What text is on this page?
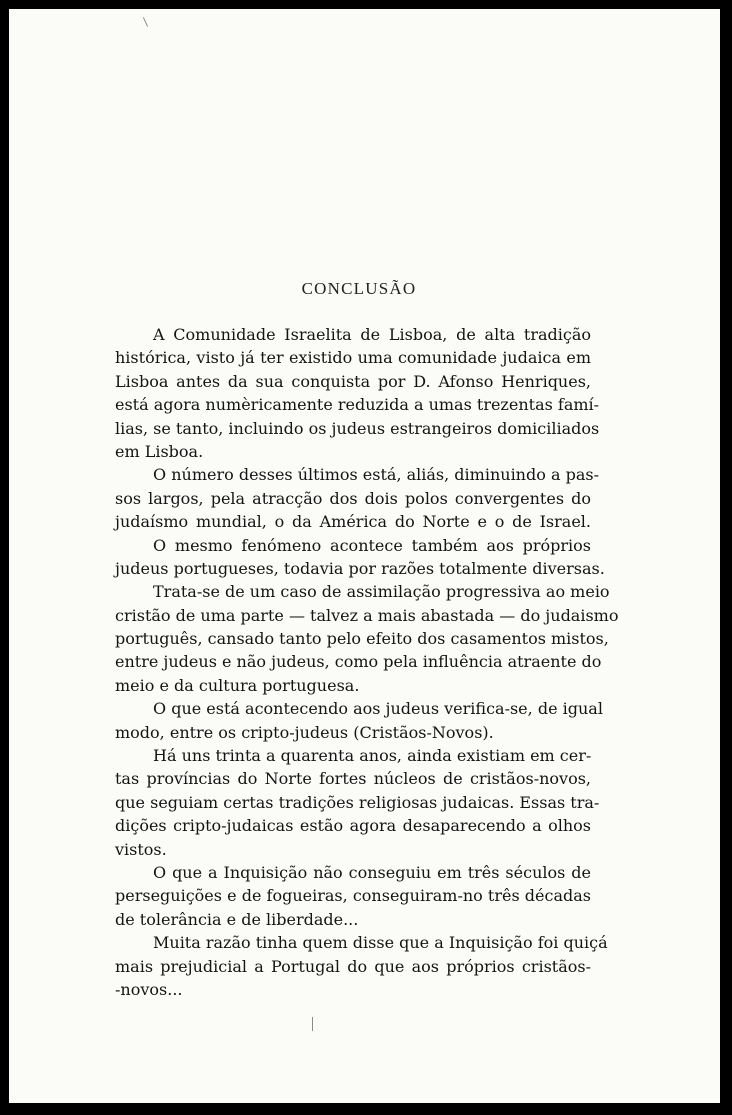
CONCLUSÃO
A Comunidade Israelita de Lisboa, de alta tradição
histórica, visto já ter existido uma comunidade judaica em
Lisboa antes da sua conquista por D. Afonso Henriques,
está agora numèricamente reduzida a umas trezentas famí-
lias, se tanto, incluindo os judeus estrangeiros domiciliados
em Lisboa.
O número desses últimos está, aliás, diminuindo a pas-
sos largos, pela atracção dos dois polos convergentes do
judaísmo mundial, o da América do Norte e o de Israel.
O mesmo fenómeno acontece também aos próprios
judeus portugueses, todavia por razões totalmente diversas.
Trata-se de um caso de assimilação progressiva ao meio
cristão de uma parte — talvez a mais abastada — do judaismo
português, cansado tanto pelo efeito dos casamentos mistos,
entre judeus e não judeus, como pela influência atraente do
meio e da cultura portuguesa.
O que está acontecendo aos judeus verifica-se, de igual
modo, entre os cripto-judeus (Cristãos-Novos).
Há uns trinta a quarenta anos, ainda existiam em cer-
tas províncias do Norte fortes núcleos de cristãos-novos,
que seguiam certas tradições religiosas judaicas. Essas tra-
dições cripto-judaicas estão agora desaparecendo a olhos
vistos.
O que a Inquisição não conseguiu em três séculos de
perseguições e de fogueiras, conseguiram-no três décadas
de tolerância e de liberdade...
Muita razão tinha quem disse que a Inquisição foi quiçá
mais prejudicial a Portugal do que aos próprios cristãos-
-novos...
